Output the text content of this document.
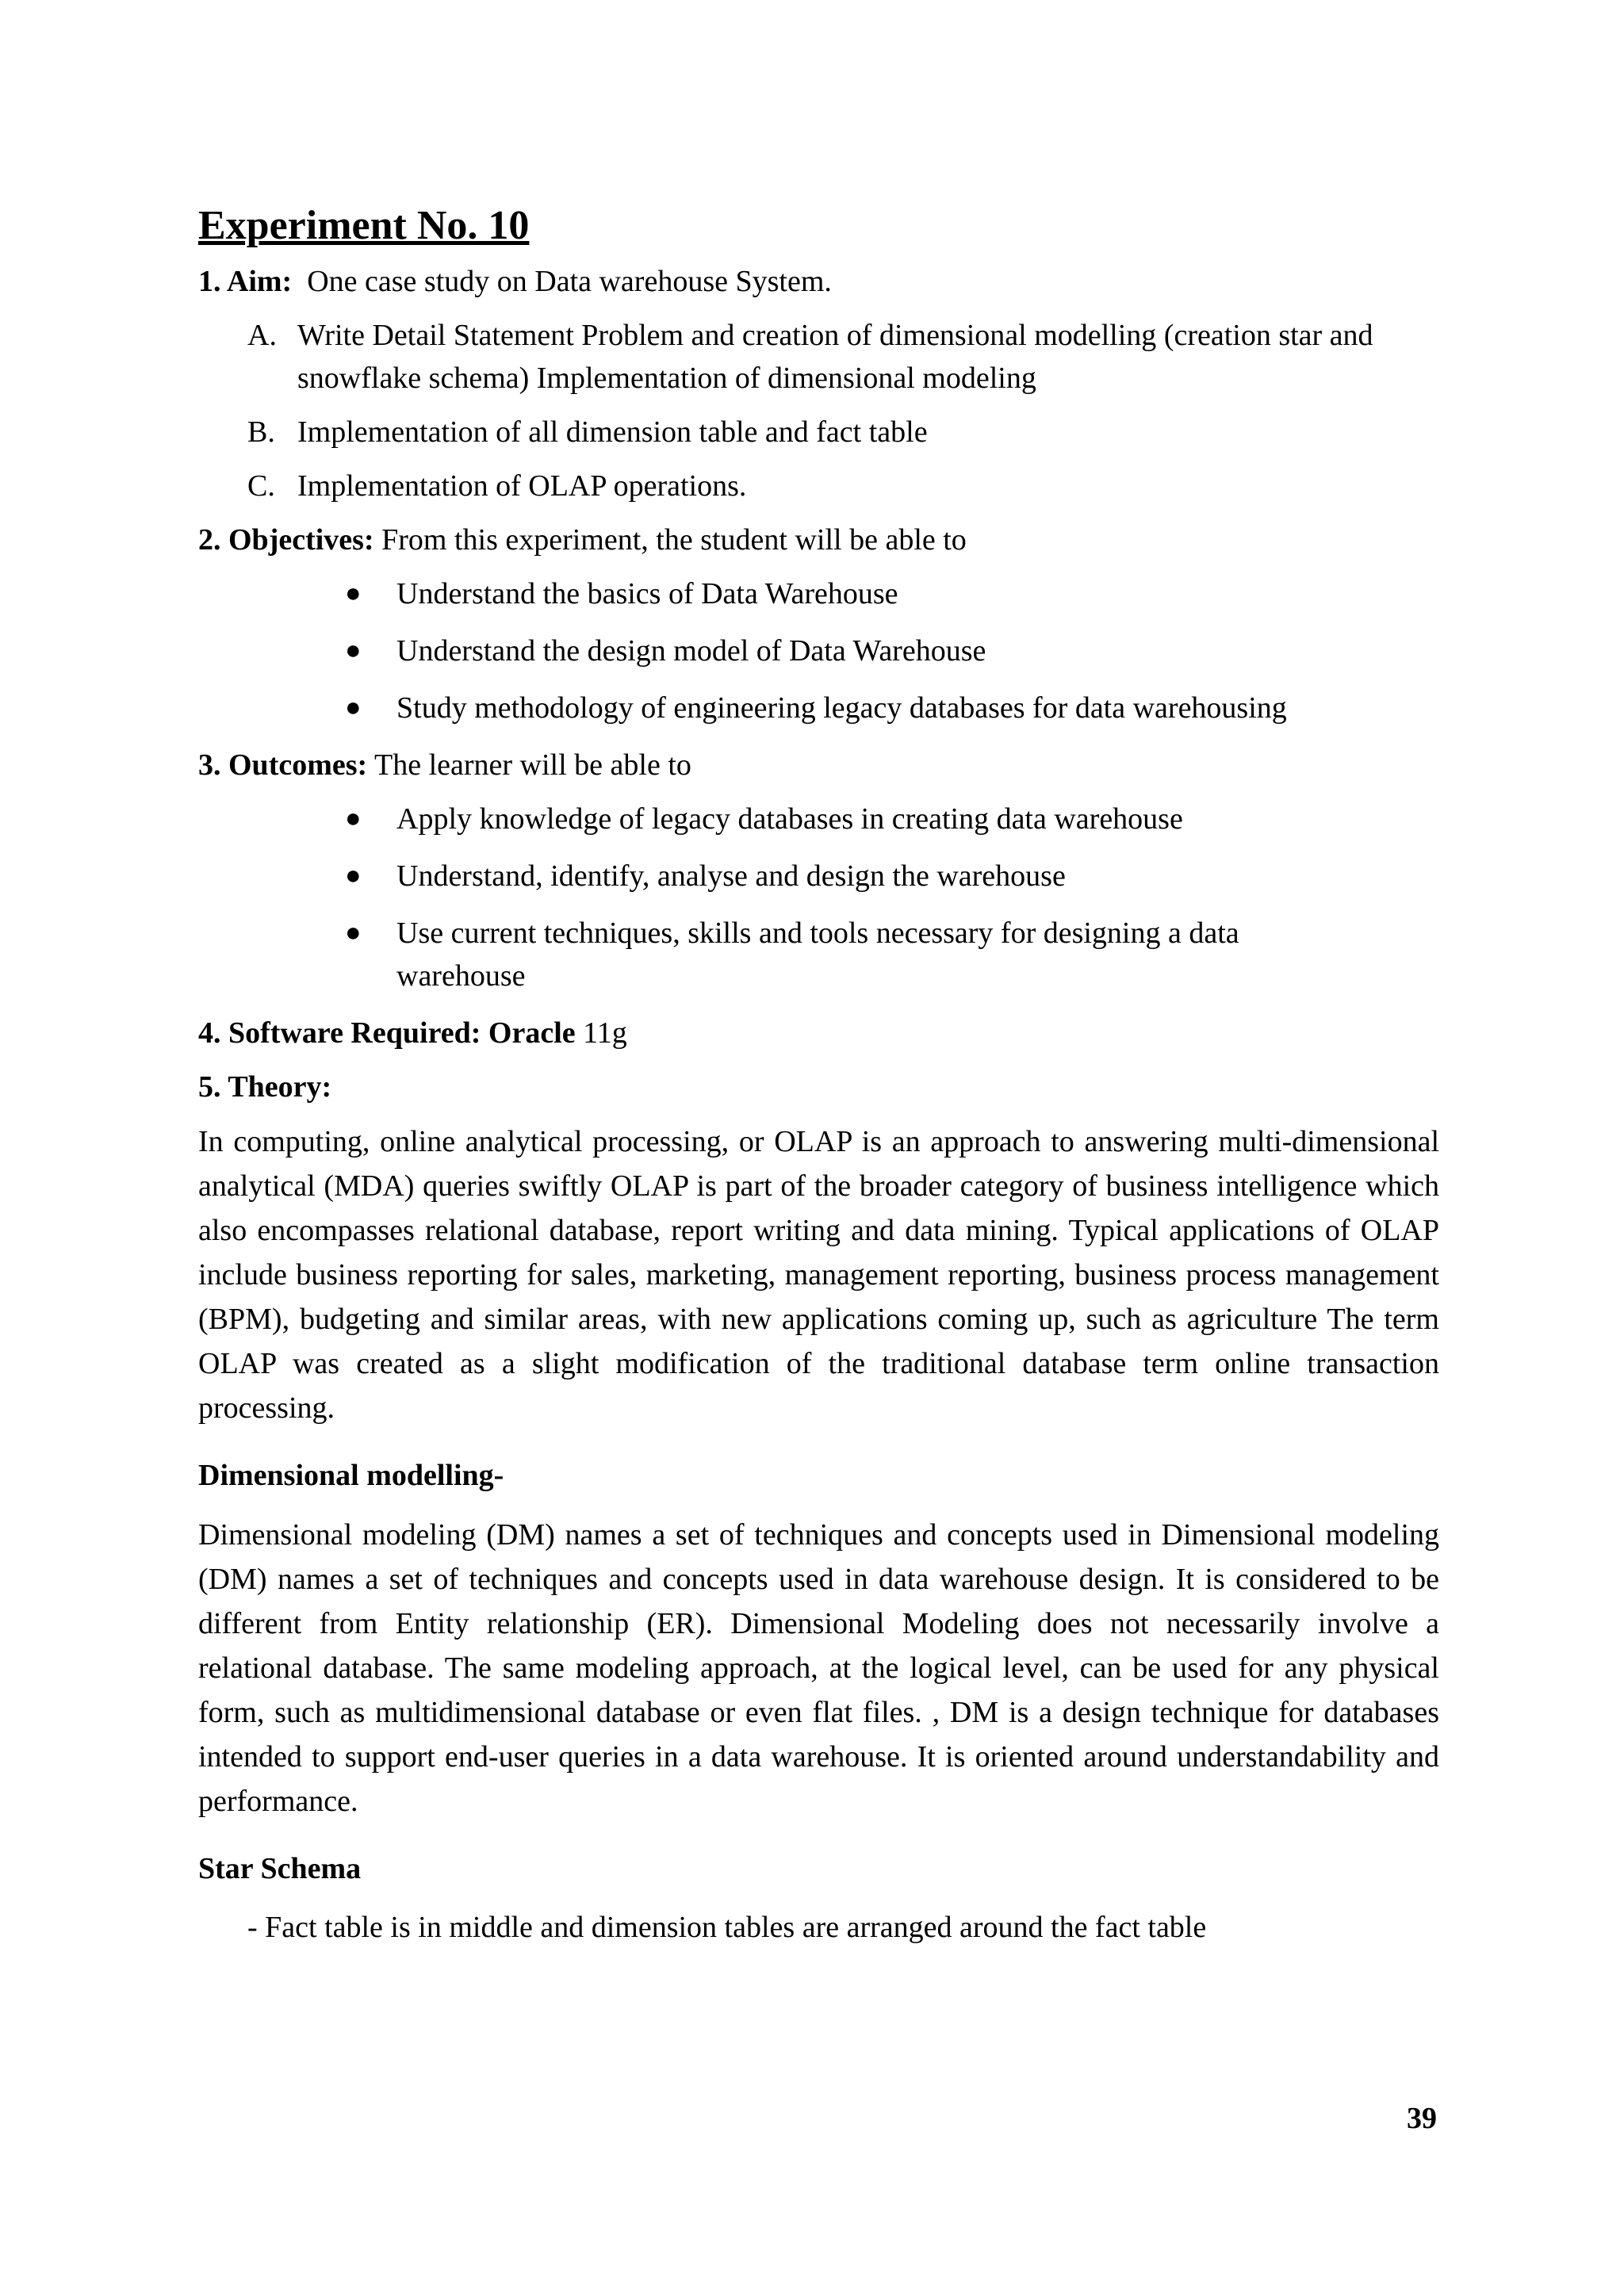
Experiment No. 10
1. Aim: One case study on Data warehouse System.
A. Write Detail Statement Problem and creation of dimensional modelling (creation star and snowflake schema) Implementation of dimensional modeling
B. Implementation of all dimension table and fact table
C. Implementation of OLAP operations.
2. Objectives: From this experiment, the student will be able to
● Understand the basics of Data Warehouse
● Understand the design model of Data Warehouse
● Study methodology of engineering legacy databases for data warehousing
3. Outcomes: The learner will be able to
● Apply knowledge of legacy databases in creating data warehouse
● Understand, identify, analyse and design the warehouse
● Use current techniques, skills and tools necessary for designing a data warehouse
4. Software Required: Oracle 11g
5. Theory:

In computing, online analytical processing, or OLAP is an approach to answering multi-dimensional analytical (MDA) queries swiftly OLAP is part of the broader category of business intelligence which also encompasses relational database, report writing and data mining. Typical applications of OLAP include business reporting for sales, marketing, management reporting, business process management (BPM), budgeting and similar areas, with new applications coming up, such as agriculture The term OLAP was created as a slight modification of the traditional database term online transaction processing.

Dimensional modelling-

Dimensional modeling (DM) names a set of techniques and concepts used in Dimensional modeling (DM) names a set of techniques and concepts used in data warehouse design. It is considered to be different from Entity relationship (ER). Dimensional Modeling does not necessarily involve a relational database. The same modeling approach, at the logical level, can be used for any physical form, such as multidimensional database or even flat files. , DM is a design technique for databases intended to support end-user queries in a data warehouse. It is oriented around understandability and performance.

Star Schema

- Fact table is in middle and dimension tables are arranged around the fact table

39
